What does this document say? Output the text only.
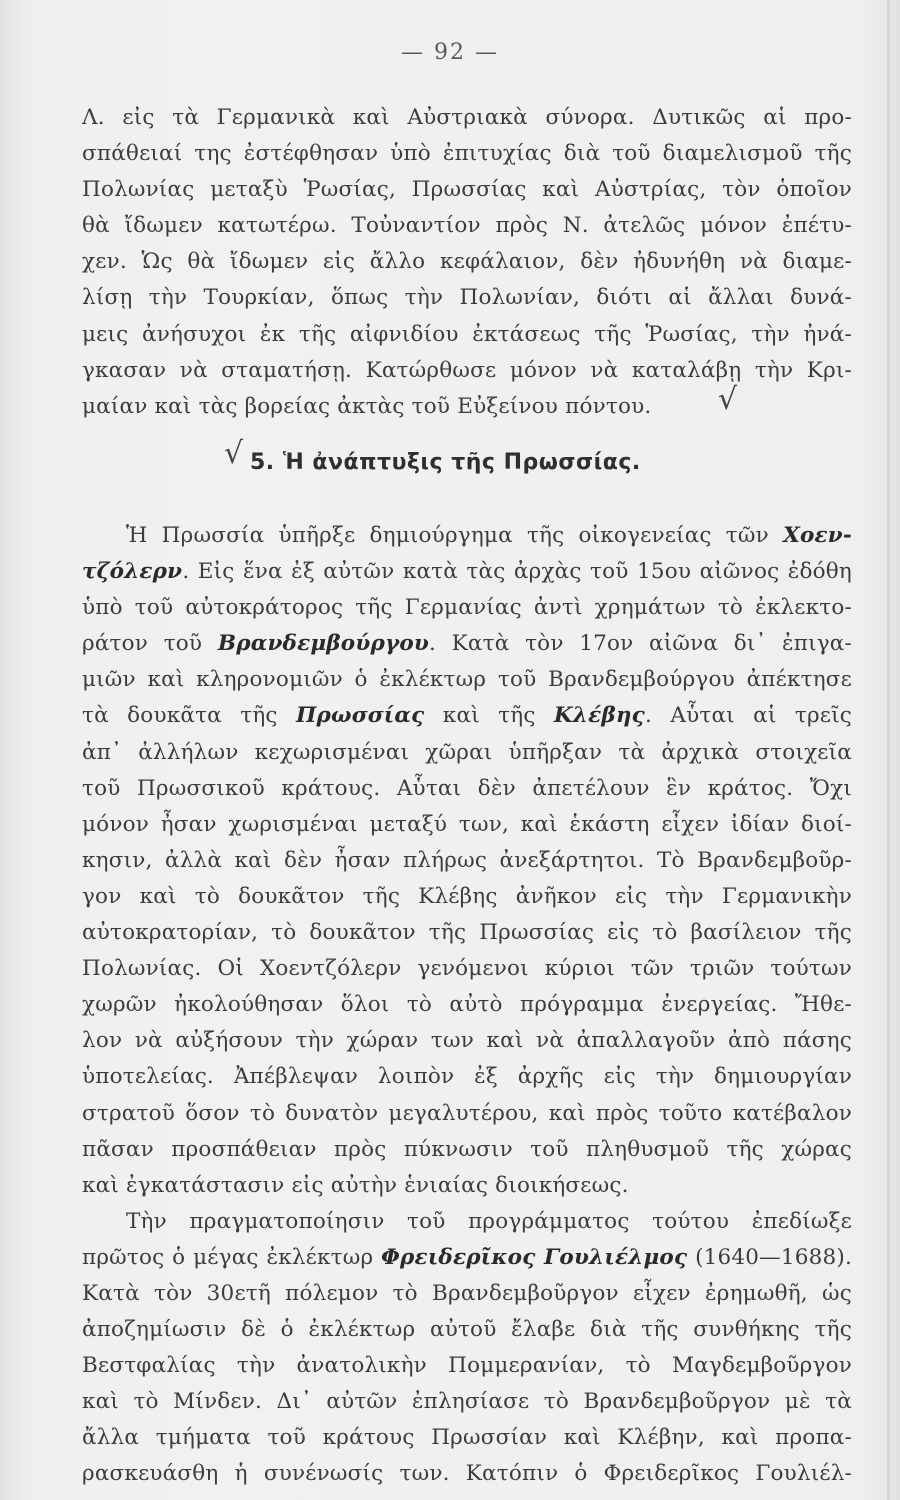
— 92 —
Λ. εἰς τὰ Γερμανικὰ καὶ Αὐστριακὰ σύνορα. Δυτικῶς αἱ προ-
σπάθειαί της ἐστέφθησαν ὑπὸ ἐπιτυχίας διὰ τοῦ διαμελισμοῦ τῆς
Πολωνίας μεταξὺ Ῥωσίας, Πρωσσίας καὶ Αὐστρίας, τὸν ὁποῖον
θὰ ἴδωμεν κατωτέρω. Τοὐναντίον πρὸς Ν. ἀτελῶς μόνον ἐπέτυ-
χεν. Ὡς θὰ ἴδωμεν εἰς ἄλλο κεφάλαιον, δὲν ἠδυνήθη νὰ διαμε-
λίσῃ τὴν Τουρκίαν, ὅπως τὴν Πολωνίαν, διότι αἱ ἄλλαι δυνά-
μεις ἀνήσυχοι ἐκ τῆς αἰφνιδίου ἐκτάσεως τῆς Ῥωσίας, τὴν ἠνά-
γκασαν νὰ σταματήσῃ. Κατώρθωσε μόνον νὰ καταλάβῃ τὴν Κρι-
μαίαν καὶ τὰς βορείας ἀκτὰς τοῦ Εὐξείνου πόντου.	√
√ 5. Ἡ ἀνάπτυξις τῆς Πρωσσίας.
Ἡ Πρωσσία ὑπῆρξε δημιούργημα τῆς οἰκογενείας τῶν Χοεν-
τζόλερν. Εἰς ἕνα ἐξ αὐτῶν κατὰ τὰς ἀρχὰς τοῦ 15ου αἰῶνος ἐδόθη
ὑπὸ τοῦ αὐτοκράτορος τῆς Γερμανίας ἀντὶ χρημάτων τὸ ἐκλεκτο-
ράτον τοῦ Βρανδεμβούργου. Κατὰ τὸν 17ον αἰῶνα δι᾿ ἐπιγα-
μιῶν καὶ κληρονομιῶν ὁ ἐκλέκτωρ τοῦ Βρανδεμβούργου ἀπέκτησε
τὰ δουκᾶτα τῆς Πρωσσίας καὶ τῆς Κλέβης. Αὗται αἱ τρεῖς
ἀπ᾿ ἀλλήλων κεχωρισμέναι χῶραι ὑπῆρξαν τὰ ἀρχικὰ στοιχεῖα
τοῦ Πρωσσικοῦ κράτους. Αὗται δὲν ἀπετέλουν ἓν κράτος. Ὄχι
μόνον ἦσαν χωρισμέναι μεταξύ των, καὶ ἑκάστη εἶχεν ἰδίαν διοί-
κησιν, ἀλλὰ καὶ δὲν ἦσαν πλήρως ἀνεξάρτητοι. Τὸ Βρανδεμβοῦρ-
γον καὶ τὸ δουκᾶτον τῆς Κλέβης ἀνῆκον εἰς τὴν Γερμανικὴν
αὐτοκρατορίαν, τὸ δουκᾶτον τῆς Πρωσσίας εἰς τὸ βασίλειον τῆς
Πολωνίας. Οἱ Χοεντζόλερν γενόμενοι κύριοι τῶν τριῶν τούτων
χωρῶν ἠκολούθησαν ὅλοι τὸ αὐτὸ πρόγραμμα ἐνεργείας. Ἤθε-
λον νὰ αὐξήσουν τὴν χώραν των καὶ νὰ ἀπαλλαγοῦν ἀπὸ πάσης
ὑποτελείας. Ἀπέβλεψαν λοιπὸν ἐξ ἀρχῆς εἰς τὴν δημιουργίαν
στρατοῦ ὅσον τὸ δυνατὸν μεγαλυτέρου, καὶ πρὸς τοῦτο κατέβαλον
πᾶσαν προσπάθειαν πρὸς πύκνωσιν τοῦ πληθυσμοῦ τῆς χώρας
καὶ ἐγκατάστασιν εἰς αὐτὴν ἑνιαίας διοικήσεως.
Τὴν πραγματοποίησιν τοῦ προγράμματος τούτου ἐπεδίωξε
πρῶτος ὁ μέγας ἐκλέκτωρ Φρειδερῖκος Γουλιέλμος (1640—1688).
Κατὰ τὸν 30ετῆ πόλεμον τὸ Βρανδεμβοῦργον εἶχεν ἐρημωθῆ, ὡς
ἀποζημίωσιν δὲ ὁ ἐκλέκτωρ αὐτοῦ ἔλαβε διὰ τῆς συνθήκης τῆς
Βεστφαλίας τὴν ἀνατολικὴν Πομμερανίαν, τὸ Μαγδεμβοῦργον
καὶ τὸ Μίνδεν. Δι᾿ αὐτῶν ἐπλησίασε τὸ Βρανδεμβοῦργον μὲ τὰ
ἄλλα τμήματα τοῦ κράτους Πρωσσίαν καὶ Κλέβην, καὶ προπα-
ρασκευάσθη ἡ συνένωσίς των. Κατόπιν ὁ Φρειδερῖκος Γουλιέλ-
